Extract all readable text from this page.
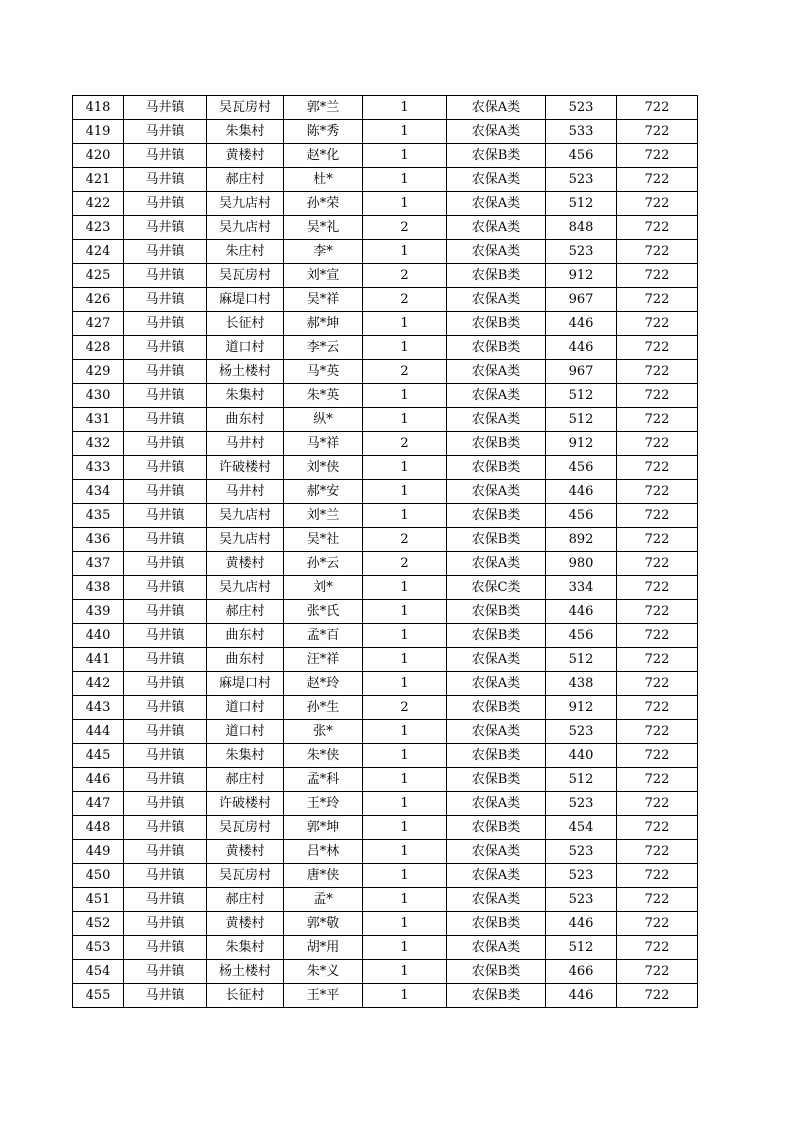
418	马井镇	吴瓦房村	郭*兰	1	农保A类	523	722
419	马井镇	朱集村	陈*秀	1	农保A类	533	722
420	马井镇	黄楼村	赵*化	1	农保B类	456	722
421	马井镇	郝庄村	杜*	1	农保A类	523	722
422	马井镇	吴九店村	孙*荣	1	农保A类	512	722
423	马井镇	吴九店村	吴*礼	2	农保A类	848	722
424	马井镇	朱庄村	李*	1	农保A类	523	722
425	马井镇	吴瓦房村	刘*宣	2	农保B类	912	722
426	马井镇	麻堤口村	吴*祥	2	农保A类	967	722
427	马井镇	长征村	郝*坤	1	农保B类	446	722
428	马井镇	道口村	李*云	1	农保B类	446	722
429	马井镇	杨土楼村	马*英	2	农保A类	967	722
430	马井镇	朱集村	朱*英	1	农保A类	512	722
431	马井镇	曲东村	纵*	1	农保A类	512	722
432	马井镇	马井村	马*祥	2	农保B类	912	722
433	马井镇	许破楼村	刘*侠	1	农保B类	456	722
434	马井镇	马井村	郝*安	1	农保A类	446	722
435	马井镇	吴九店村	刘*兰	1	农保B类	456	722
436	马井镇	吴九店村	吴*社	2	农保B类	892	722
437	马井镇	黄楼村	孙*云	2	农保A类	980	722
438	马井镇	吴九店村	刘*	1	农保C类	334	722
439	马井镇	郝庄村	张*氏	1	农保B类	446	722
440	马井镇	曲东村	孟*百	1	农保B类	456	722
441	马井镇	曲东村	汪*祥	1	农保A类	512	722
442	马井镇	麻堤口村	赵*玲	1	农保A类	438	722
443	马井镇	道口村	孙*生	2	农保B类	912	722
444	马井镇	道口村	张*	1	农保A类	523	722
445	马井镇	朱集村	朱*侠	1	农保B类	440	722
446	马井镇	郝庄村	孟*科	1	农保B类	512	722
447	马井镇	许破楼村	王*玲	1	农保A类	523	722
448	马井镇	吴瓦房村	郭*坤	1	农保B类	454	722
449	马井镇	黄楼村	吕*林	1	农保A类	523	722
450	马井镇	吴瓦房村	唐*侠	1	农保A类	523	722
451	马井镇	郝庄村	孟*	1	农保A类	523	722
452	马井镇	黄楼村	郭*敬	1	农保B类	446	722
453	马井镇	朱集村	胡*用	1	农保A类	512	722
454	马井镇	杨土楼村	朱*义	1	农保B类	466	722
455	马井镇	长征村	王*平	1	农保B类	446	722
